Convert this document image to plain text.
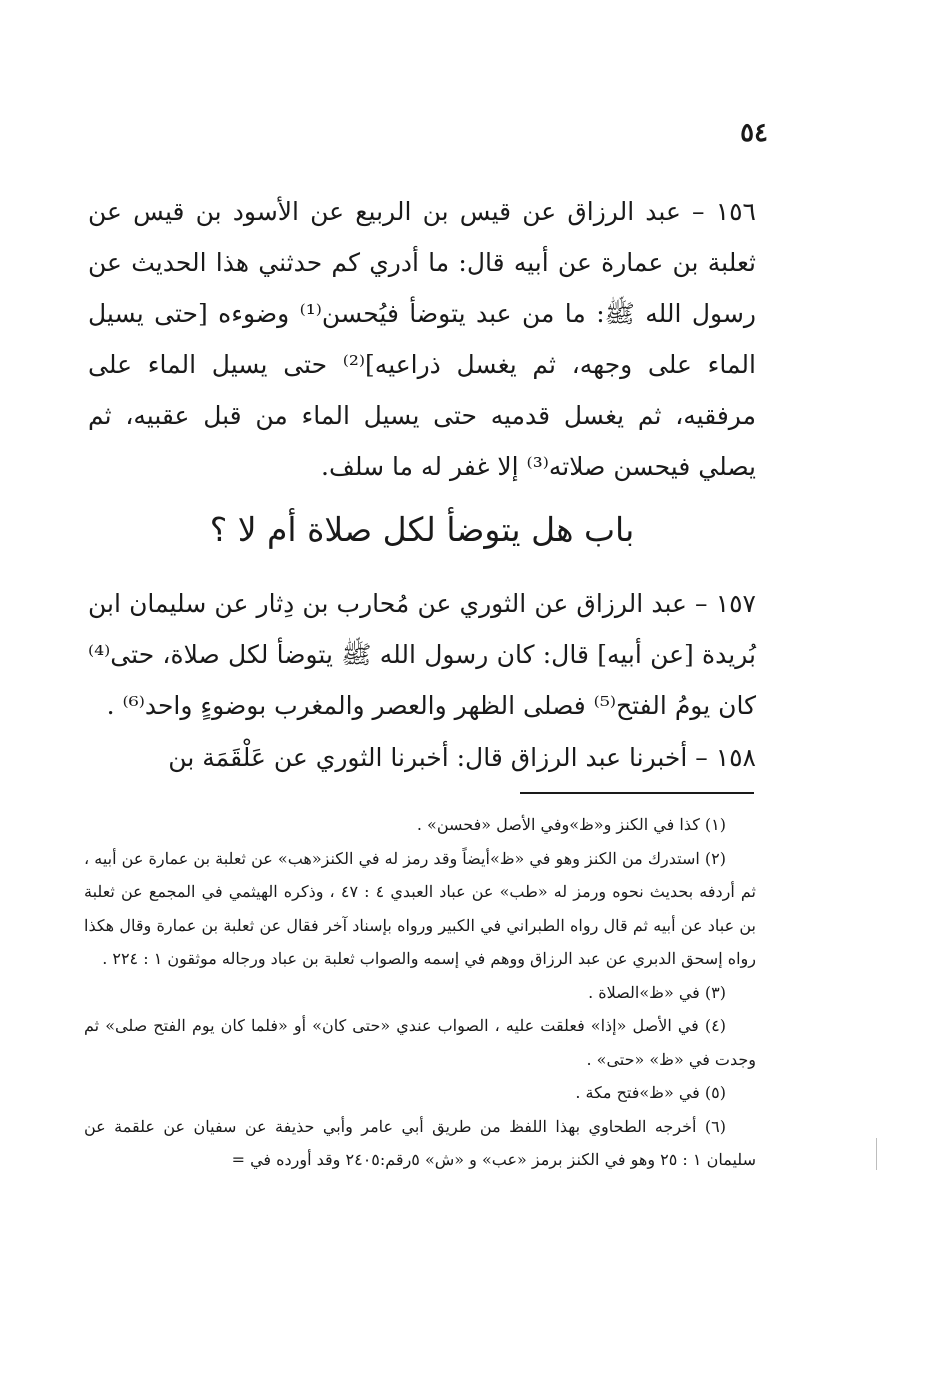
٥٤

١٥٦ – عبد الرزاق عن قيس بن الربيع عن الأسود بن قيس عن ثعلبة بن عمارة عن أبيه قال: ما أدري كم حدثني هذا الحديث عن رسول الله ﷺ: ما من عبد يتوضأ فيُحسن⁽¹⁾ وضوءه [حتى يسيل الماء على وجهه، ثم يغسل ذراعيه]⁽²⁾ حتى يسيل الماء على مرفقيه، ثم يغسل قدميه حتى يسيل الماء من قبل عقبيه، ثم يصلي فيحسن صلاته⁽³⁾ إلا غفر له ما سلف.

باب هل يتوضأ لكل صلاة أم لا ؟

١٥٧ – عبد الرزاق عن الثوري عن مُحارب بن دِثار عن سليمان ابن بُريدة [عن أبيه] قال: كان رسول الله ﷺ يتوضأ لكل صلاة، حتى⁽⁴⁾ كان يومُ الفتح⁽⁵⁾ فصلى الظهر والعصر والمغرب بوضوءٍ واحد⁽⁶⁾ .

١٥٨ – أخبرنا عبد الرزاق قال: أخبرنا الثوري عن عَلْقَمَة بن

(١) كذا في الكنز و«ظ»وفي الأصل «فحسن» .

(٢) استدرك من الكنز وهو في «ظ»أيضاً وقد رمز له في الكنز«هب» عن ثعلبة بن عمارة عن أبيه ، ثم أردفه بحديث نحوه ورمز له «طب» عن عباد العبدي ٤ : ٤٧ ، وذكره الهيثمي في المجمع عن ثعلبة بن عباد عن أبيه ثم قال رواه الطبراني في الكبير ورواه بإسناد آخر فقال عن ثعلبة بن عمارة وقال هكذا رواه إسحق الدبري عن عبد الرزاق ووهم في إسمه والصواب ثعلبة بن عباد ورجاله موثقون ١ : ٢٢٤ .

(٣) في «ظ»الصلاة .

(٤) في الأصل «إذا» فعلقت عليه ، الصواب عندي «حتى كان» أو «فلما كان يوم الفتح صلى» ثم وجدت في «ظ» «حتى» .

(٥) في «ظ»فتح مكة .

(٦) أخرجه الطحاوي بهذا اللفظ من طريق أبي عامر وأبي حذيفة عن سفيان عن علقمة عن سليمان ١ : ٢٥ وهو في الكنز برمز «عب» و «ش» ٥رقم:٢٤٠٥ وقد أورده في =
